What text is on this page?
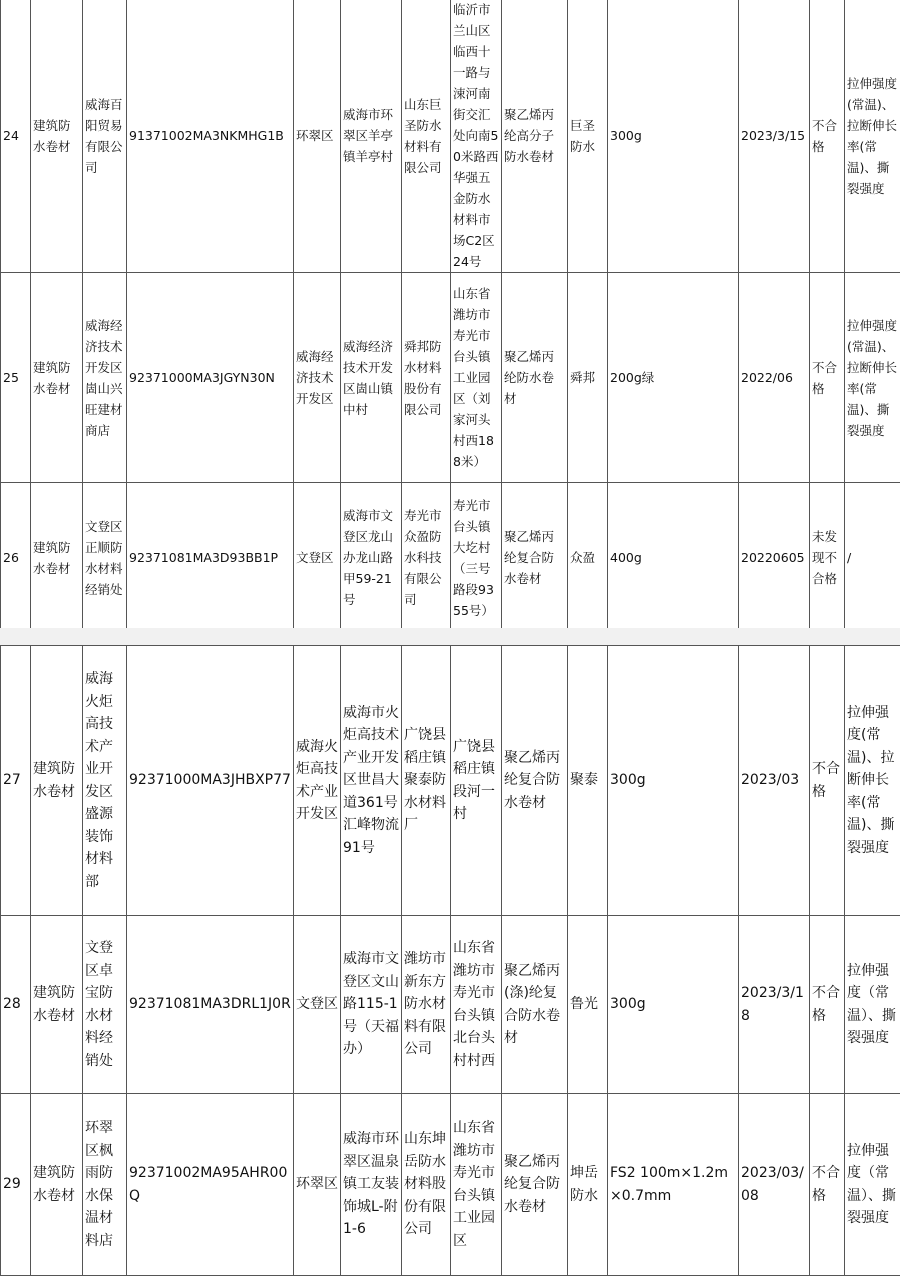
24	建筑防水卷材	威海百阳贸易有限公司	91371002MA3NKMHG1B	环翠区	威海市环翠区羊亭镇羊亭村	山东巨圣防水材料有限公司	临沂市兰山区临西十一路与涑河南街交汇处向南50米路西华强五金防水材料市场C2区24号	聚乙烯丙纶高分子防水卷材	巨圣防水	300g	2023/3/15	不合格	拉伸强度(常温)、拉断伸长率(常温)、撕裂强度
25	建筑防水卷材	威海经济技术开发区崮山兴旺建材商店	92371000MA3JGYN30N	威海经济技术开发区	威海经济技术开发区崮山镇中村	舜邦防水材料股份有限公司	山东省潍坊市寿光市台头镇工业园区（刘家河头村西188米）	聚乙烯丙纶防水卷材	舜邦	200g绿	2022/06	不合格	拉伸强度(常温)、拉断伸长率(常温)、撕裂强度
26	建筑防水卷材	文登区正顺防水材料经销处	92371081MA3D93BB1P	文登区	威海市文登区龙山办龙山路甲59-21号	寿光市众盈防水科技有限公司	寿光市台头镇大圪村（三号路段9355号）	聚乙烯丙纶复合防水卷材	众盈	400g	20220605	未发现不合格	/
27	建筑防水卷材	威海火炬高技术产业开发区盛源装饰材料部	92371000MA3JHBXP77	威海火炬高技术产业开发区	威海市火炬高技术产业开发区世昌大道361号汇峰物流91号	广饶县稻庄镇聚泰防水材料厂	广饶县稻庄镇段河一村	聚乙烯丙纶复合防水卷材	聚泰	300g	2023/03	不合格	拉伸强度(常温)、拉断伸长率(常温)、撕裂强度
28	建筑防水卷材	文登区卓宝防水材料经销处	92371081MA3DRL1J0R	文登区	威海市文登区文山路115-1号（天福办）	潍坊市新东方防水材料有限公司	山东省潍坊市寿光市台头镇北台头村村西	聚乙烯丙(涤)纶复合防水卷材	鲁光	300g	2023/3/18	不合格	拉伸强度（常温）、撕裂强度
29	建筑防水卷材	环翠区枫雨防水保温材料店	92371002MA95AHR00Q	环翠区	威海市环翠区温泉镇工友装饰城L-附1-6	山东坤岳防水材料股份有限公司	山东省潍坊市寿光市台头镇工业园区	聚乙烯丙纶复合防水卷材	坤岳防水	FS2 100m×1.2m×0.7mm	2023/03/08	不合格	拉伸强度（常温）、撕裂强度
